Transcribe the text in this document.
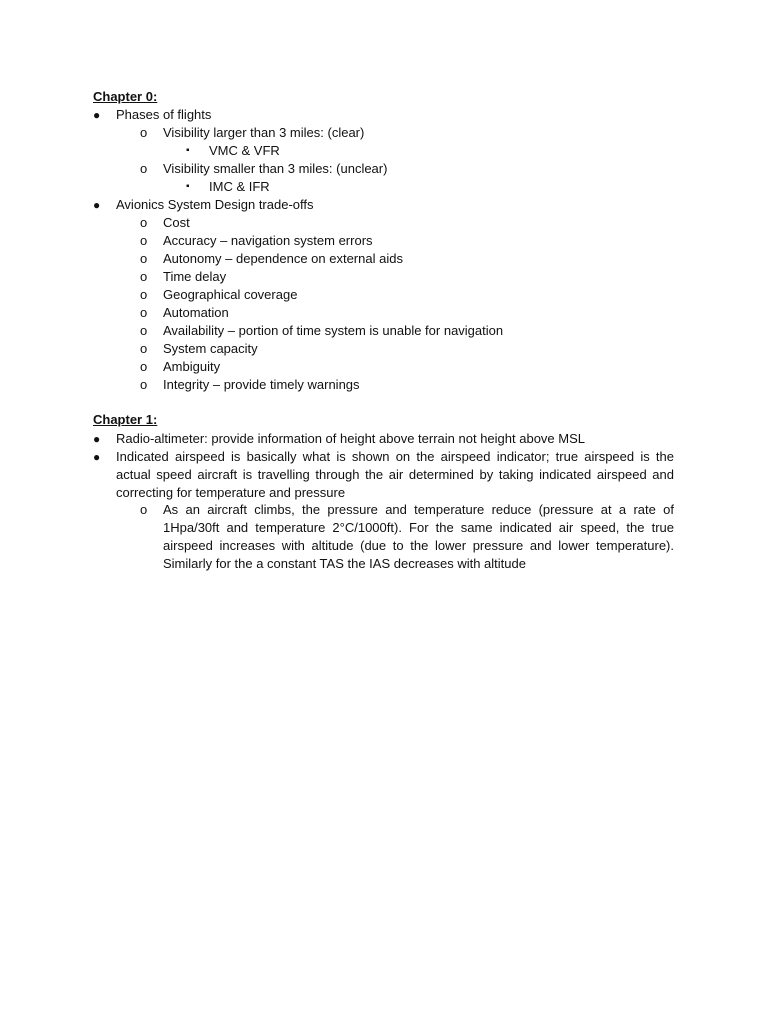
Chapter 0:
● Phases of flights
o Visibility larger than 3 miles: (clear)
▪ VMC & VFR
o Visibility smaller than 3 miles: (unclear)
▪ IMC & IFR
● Avionics System Design trade-offs
o Cost
o Accuracy – navigation system errors
o Autonomy – dependence on external aids
o Time delay
o Geographical coverage
o Automation
o Availability – portion of time system is unable for navigation
o System capacity
o Ambiguity
o Integrity – provide timely warnings
Chapter 1:
● Radio-altimeter: provide information of height above terrain not height above MSL
● Indicated airspeed is basically what is shown on the airspeed indicator; true airspeed is the actual speed aircraft is travelling through the air determined by taking indicated airspeed and correcting for temperature and pressure
o As an aircraft climbs, the pressure and temperature reduce (pressure at a rate of 1Hpa/30ft and temperature 2°C/1000ft). For the same indicated air speed, the true airspeed increases with altitude (due to the lower pressure and lower temperature). Similarly for the a constant TAS the IAS decreases with altitude
